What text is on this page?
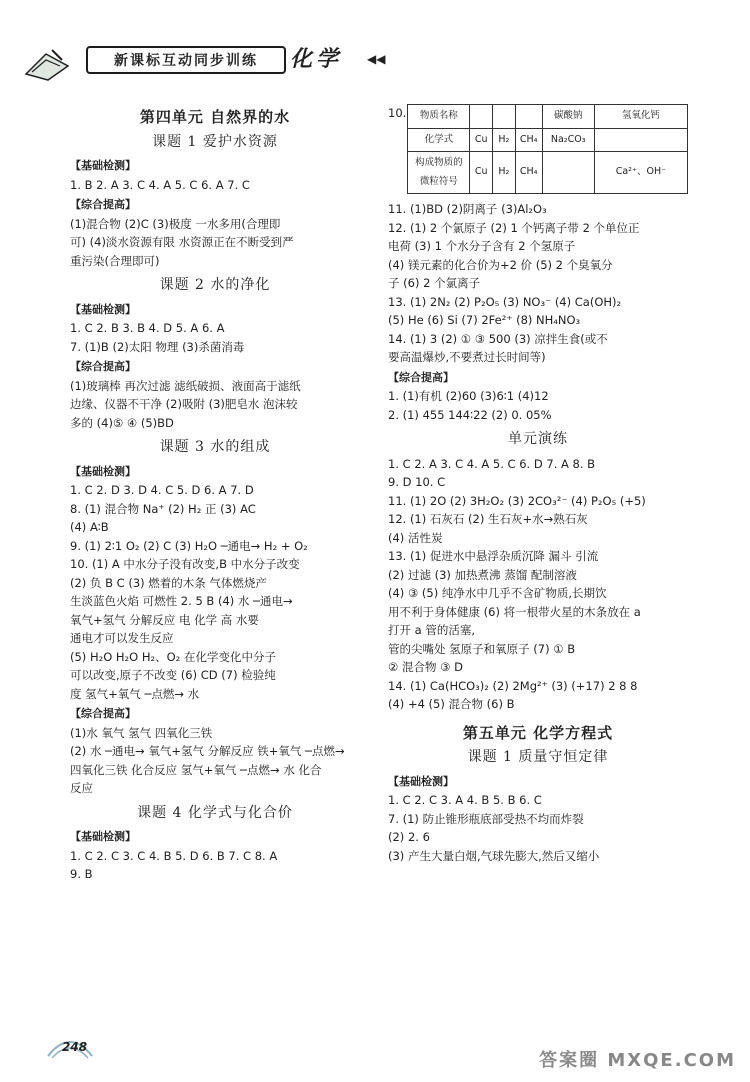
新课标互动同步训练	化学 ◀◀
第四单元 自然界的水
课题 1 爱护水资源
【基础检测】
1. B 2. A 3. C 4. A 5. C 6. A 7. C
【综合提高】
(1)混合物 (2)C (3)极度 一水多用(合理即
可) (4)淡水资源有限 水资源正在不断受到严
重污染(合理即可)
课题 2 水的净化
【基础检测】
1. C 2. B 3. B 4. D 5. A 6. A
7. (1)B (2)太阳 物理 (3)杀菌消毒
【综合提高】
(1)玻璃棒 再次过滤 滤纸破损、液面高于滤纸
边缘、仪器不干净 (2)吸附 (3)肥皂水 泡沫较
多的 (4)⑤ ④ (5)BD
课题 3 水的组成
【基础检测】
1. C 2. D 3. D 4. C 5. D 6. A 7. D
8. (1) 混合物 Na⁺ (2) H₂ 正 (3) AC
(4) A∶B
9. (1) 2∶1 O₂ (2) C (3) H₂O ─通电→ H₂ + O₂
10. (1) A 中水分子没有改变,B 中水分子改变
(2) 负 B C (3) 燃着的木条 气体燃烧产
生淡蓝色火焰 可燃性 2. 5 B (4) 水 ─通电→
氧气+氢气 分解反应 电 化学 高 水要
通电才可以发生反应
(5) H₂O H₂O H₂、O₂ 在化学变化中分子
可以改变,原子不改变 (6) CD (7) 检验纯
度 氢气+氧气 ─点燃→ 水
【综合提高】
(1)水 氧气 氢气 四氧化三铁
(2) 水 ─通电→ 氧气+氢气 分解反应 铁+氧气 ─点燃→
四氧化三铁 化合反应 氢气+氧气 ─点燃→ 水 化合
反应
课题 4 化学式与化合价
【基础检测】
1. C 2. C 3. C 4. B 5. D 6. B 7. C 8. A
9. B
10. 物质名称				碳酸钠	氢氧化钙
化学式	Cu	H₂	CH₄	Na₂CO₃	
构成物质的微粒符号	Cu	H₂	CH₄		Ca²⁺、OH⁻
11. (1)BD (2)阴离子 (3)Al₂O₃
12. (1) 2 个氯原子 (2) 1 个钙离子带 2 个单位正
电荷 (3) 1 个水分子含有 2 个氢原子
(4) 镁元素的化合价为+2 价 (5) 2 个臭氧分
子 (6) 2 个氯离子
13. (1) 2N₂ (2) P₂O₅ (3) NO₃⁻ (4) Ca(OH)₂
(5) He (6) Si (7) 2Fe²⁺ (8) NH₄NO₃
14. (1) 3 (2) ① ③ 500 (3) 凉拌生食(或不
要高温爆炒,不要煮过长时间等)
【综合提高】
1. (1)有机 (2)60 (3)6∶1 (4)12
2. (1) 455 144∶22 (2) 0. 05%
单元演练
1. C 2. A 3. C 4. A 5. C 6. D 7. A 8. B
9. D 10. C
11. (1) 2O (2) 3H₂O₂ (3) 2CO₃²⁻ (4) P₂O₅ (+5)
12. (1) 石灰石 (2) 生石灰+水→熟石灰
(4) 活性炭
13. (1) 促进水中悬浮杂质沉降 漏斗 引流
(2) 过滤 (3) 加热煮沸 蒸馏 配制溶液
(4) ③ (5) 纯净水中几乎不含矿物质,长期饮
用不利于身体健康 (6) 将一根带火星的木条放在 a
打开 a 管的活塞,
管的尖嘴处 氢原子和氧原子 (7) ① B
② 混合物 ③ D
14. (1) Ca(HCO₃)₂ (2) 2Mg²⁺ (3) (+17) 2 8 8
(4) +4 (5) 混合物 (6) B
第五单元 化学方程式
课题 1 质量守恒定律
【基础检测】
1. C 2. C 3. A 4. B 5. B 6. C
7. (1) 防止锥形瓶底部受热不均而炸裂
(2) 2. 6
(3) 产生大量白烟,气球先膨大,然后又缩小
248
答案圈 MXQE.COM
